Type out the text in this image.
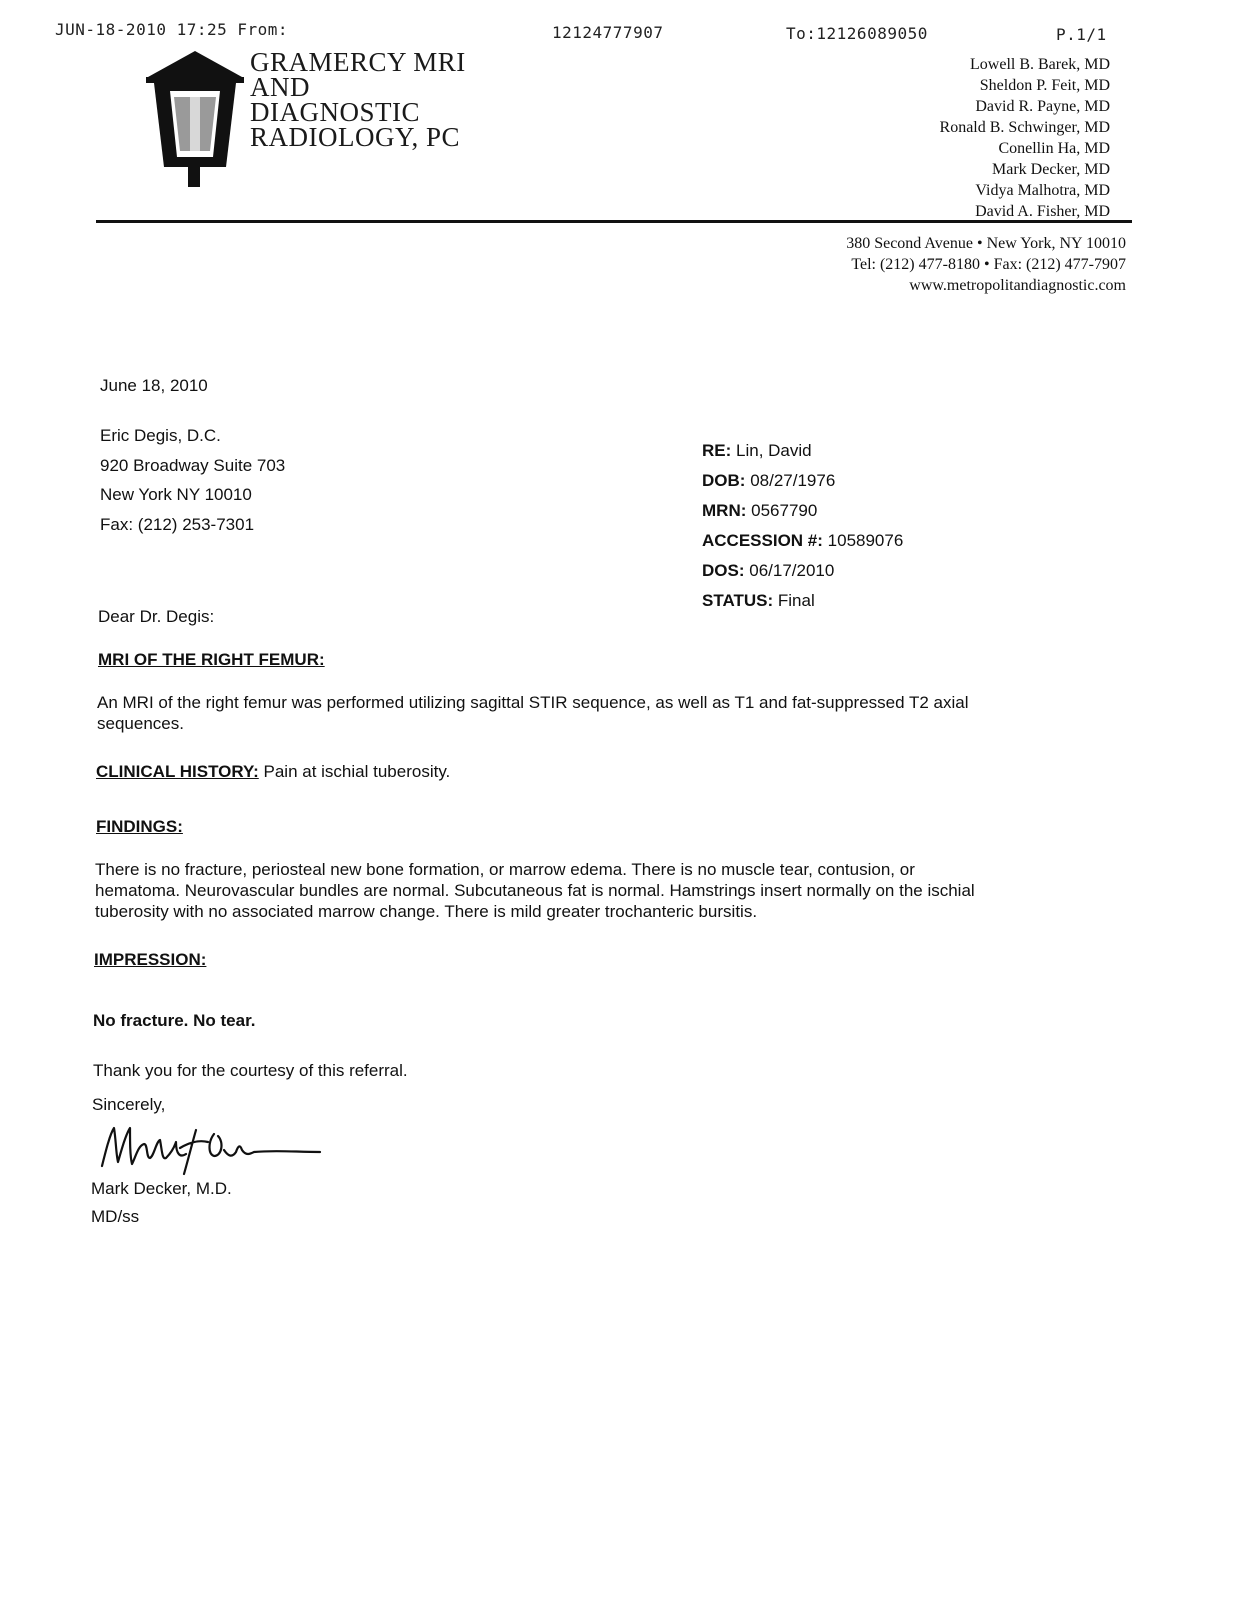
JUN-18-2010 17:25 From:	12124777907	To:12126089050	P.1/1
GRAMERCY MRI
AND
DIAGNOSTIC
RADIOLOGY, PC
Lowell B. Barek, MD
Sheldon P. Feit, MD
David R. Payne, MD
Ronald B. Schwinger, MD
Conellin Ha, MD
Mark Decker, MD
Vidya Malhotra, MD
David A. Fisher, MD
380 Second Avenue • New York, NY 10010
Tel: (212) 477-8180 • Fax: (212) 477-7907
www.metropolitandiagnostic.com
June 18, 2010
Eric Degis, D.C.
920 Broadway Suite 703
New York NY 10010
Fax: (212) 253-7301
RE: Lin, David
DOB: 08/27/1976
MRN: 0567790
ACCESSION #: 10589076
DOS: 06/17/2010
STATUS: Final
Dear Dr. Degis:
MRI OF THE RIGHT FEMUR:
An MRI of the right femur was performed utilizing sagittal STIR sequence, as well as T1 and fat-suppressed T2 axial
sequences.
CLINICAL HISTORY: Pain at ischial tuberosity.
FINDINGS:
There is no fracture, periosteal new bone formation, or marrow edema. There is no muscle tear, contusion, or
hematoma. Neurovascular bundles are normal. Subcutaneous fat is normal. Hamstrings insert normally on the ischial
tuberosity with no associated marrow change. There is mild greater trochanteric bursitis.
IMPRESSION:
No fracture. No tear.
Thank you for the courtesy of this referral.
Sincerely,
Mark Decker, M.D.
MD/ss
